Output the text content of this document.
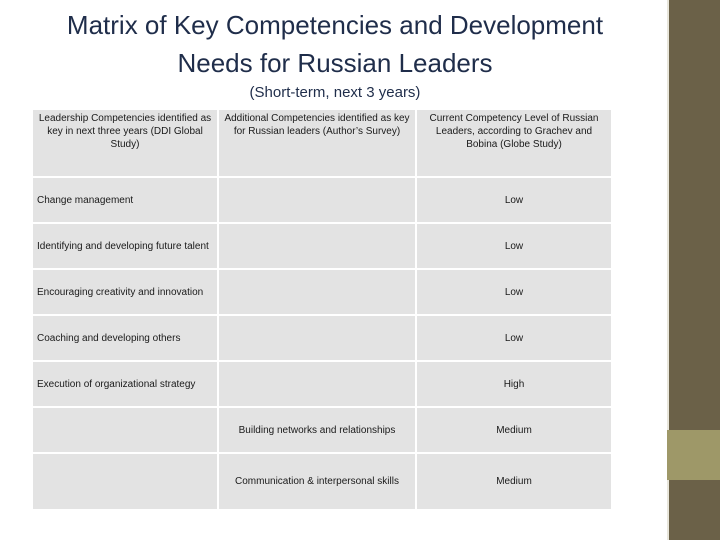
Matrix of Key Competencies and Development
Needs for Russian Leaders
(Short-term, next 3 years)
Leadership Competencies identified as key in next three years (DDI Global Study)	Additional Competencies identified as key for Russian leaders (Author’s Survey)	Current Competency Level of Russian Leaders, according to Grachev and Bobina (Globe Study)
Change management		Low
Identifying and developing future talent		Low
Encouraging creativity and innovation		Low
Coaching and developing others		Low
Execution of organizational strategy		High
	Building networks and relationships	Medium
	Communication & interpersonal skills	Medium
